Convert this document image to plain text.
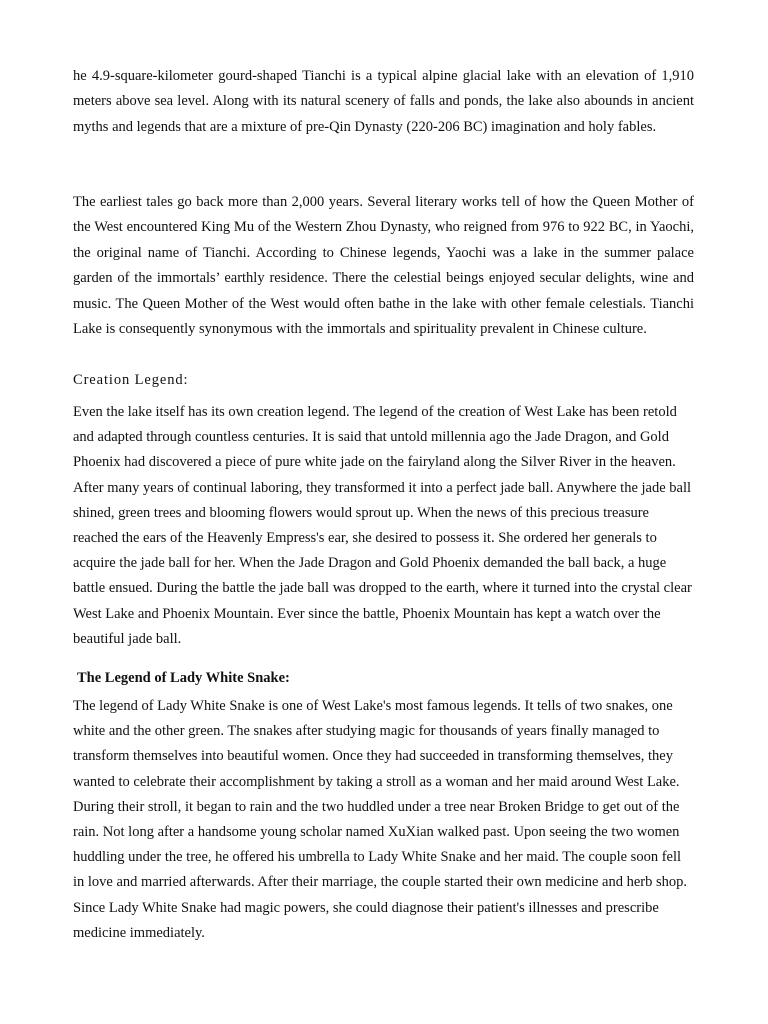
he 4.9-square-kilometer gourd-shaped Tianchi is a typical alpine glacial lake with an elevation of 1,910 meters above sea level. Along with its natural scenery of falls and ponds, the lake also abounds in ancient myths and legends that are a mixture of pre-Qin Dynasty (220-206 BC) imagination and holy fables.

The earliest tales go back more than 2,000 years. Several literary works tell of how the Queen Mother of the West encountered King Mu of the Western Zhou Dynasty, who reigned from 976 to 922 BC, in Yaochi, the original name of Tianchi. According to Chinese legends, Yaochi was a lake in the summer palace garden of the immortals’ earthly residence. There the celestial beings enjoyed secular delights, wine and music. The Queen Mother of the West would often bathe in the lake with other female celestials. Tianchi Lake is consequently synonymous with the immortals and spirituality prevalent in Chinese culture.

Creation Legend:

Even the lake itself has its own creation legend. The legend of the creation of West Lake has been retold and adapted through countless centuries. It is said that untold millennia ago the Jade Dragon, and Gold Phoenix had discovered a piece of pure white jade on the fairyland along the Silver River in the heaven. After many years of continual laboring, they transformed it into a perfect jade ball. Anywhere the jade ball shined, green trees and blooming flowers would sprout up. When the news of this precious treasure reached the ears of the Heavenly Empress's ear, she desired to possess it. She ordered her generals to acquire the jade ball for her. When the Jade Dragon and Gold Phoenix demanded the ball back, a huge battle ensued. During the battle the jade ball was dropped to the earth, where it turned into the crystal clear West Lake and Phoenix Mountain. Ever since the battle, Phoenix Mountain has kept a watch over the beautiful jade ball.

The Legend of Lady White Snake:

The legend of Lady White Snake is one of West Lake's most famous legends. It tells of two snakes, one white and the other green. The snakes after studying magic for thousands of years finally managed to transform themselves into beautiful women. Once they had succeeded in transforming themselves, they wanted to celebrate their accomplishment by taking a stroll as a woman and her maid around West Lake. During their stroll, it began to rain and the two huddled under a tree near Broken Bridge to get out of the rain. Not long after a handsome young scholar named XuXian walked past. Upon seeing the two women huddling under the tree, he offered his umbrella to Lady White Snake and her maid. The couple soon fell in love and married afterwards. After their marriage, the couple started their own medicine and herb shop. Since Lady White Snake had magic powers, she could diagnose their patient's illnesses and prescribe medicine immediately.
